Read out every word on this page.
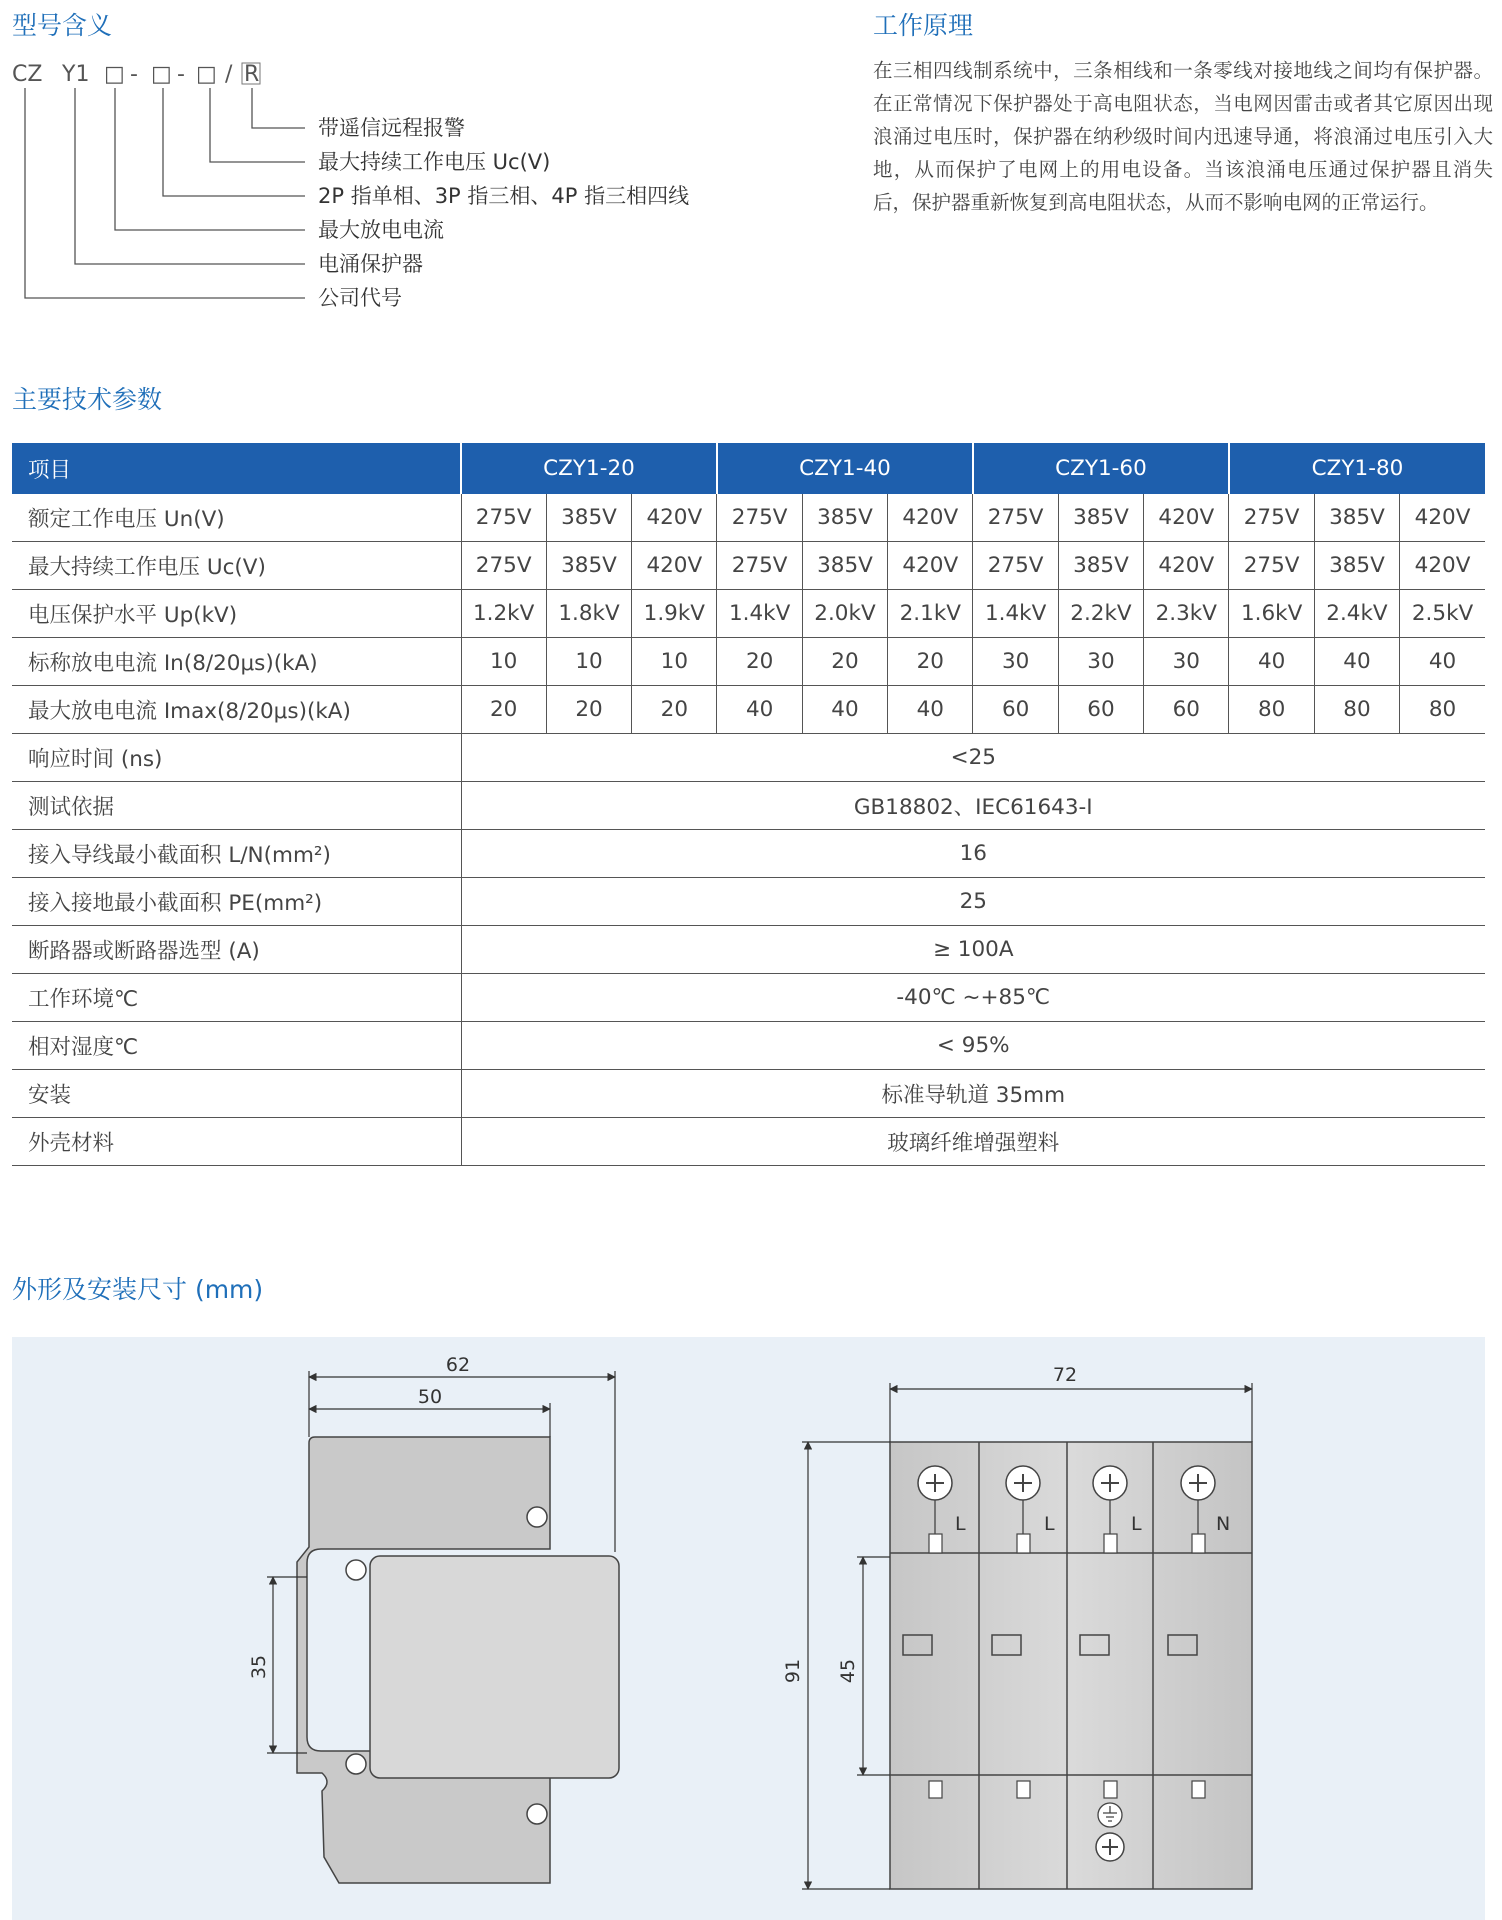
型号含义
CZ Y1 □ - □ - □ / R
带遥信远程报警
最大持续工作电压 Uc(V)
2P 指单相、3P 指三相、4P 指三相四线
最大放电电流
电涌保护器
公司代号
工作原理

在三相四线制系统中，三条相线和一条零线对接地线之间均有保护器。在正常情况下保护器处于高电阻状态，当电网因雷击或者其它原因出现浪涌过电压时，保护器在纳秒级时间内迅速导通，将浪涌过电压引入大地，从而保护了电网上的用电设备。当该浪涌电压通过保护器且消失后，保护器重新恢复到高电阻状态，从而不影响电网的正常运行。

主要技术参数
项目	CZY1-20			CZY1-40			CZY1-60			CZY1-80		
额定工作电压 Un(V)	275V	385V	420V	275V	385V	420V	275V	385V	420V	275V	385V	420V
最大持续工作电压 Uc(V)	275V	385V	420V	275V	385V	420V	275V	385V	420V	275V	385V	420V
电压保护水平 Up(kV)	1.2kV	1.8kV	1.9kV	1.4kV	2.0kV	2.1kV	1.4kV	2.2kV	2.3kV	1.6kV	2.4kV	2.5kV
标称放电电流 In(8/20μs)(kA)	10	10	10	20	20	20	30	30	30	40	40	40
最大放电电流 Imax(8/20μs)(kA)	20	20	20	40	40	40	60	60	60	80	80	80
响应时间 (ns)	<25											
测试依据	GB18802、IEC61643-I											
接入导线最小截面积 L/N(mm²)	16											
接入接地最小截面积 PE(mm²)	25											
断路器或断路器选型 (A)	≥ 100A											
工作环境℃	-40℃ ~+85℃											
相对湿度℃	< 95%											
安装	标准导轨道 35mm											
外壳材料	玻璃纤维增强塑料											
外形及安装尺寸 (mm)
62
50
35
L	L	L	N
72
91 45
